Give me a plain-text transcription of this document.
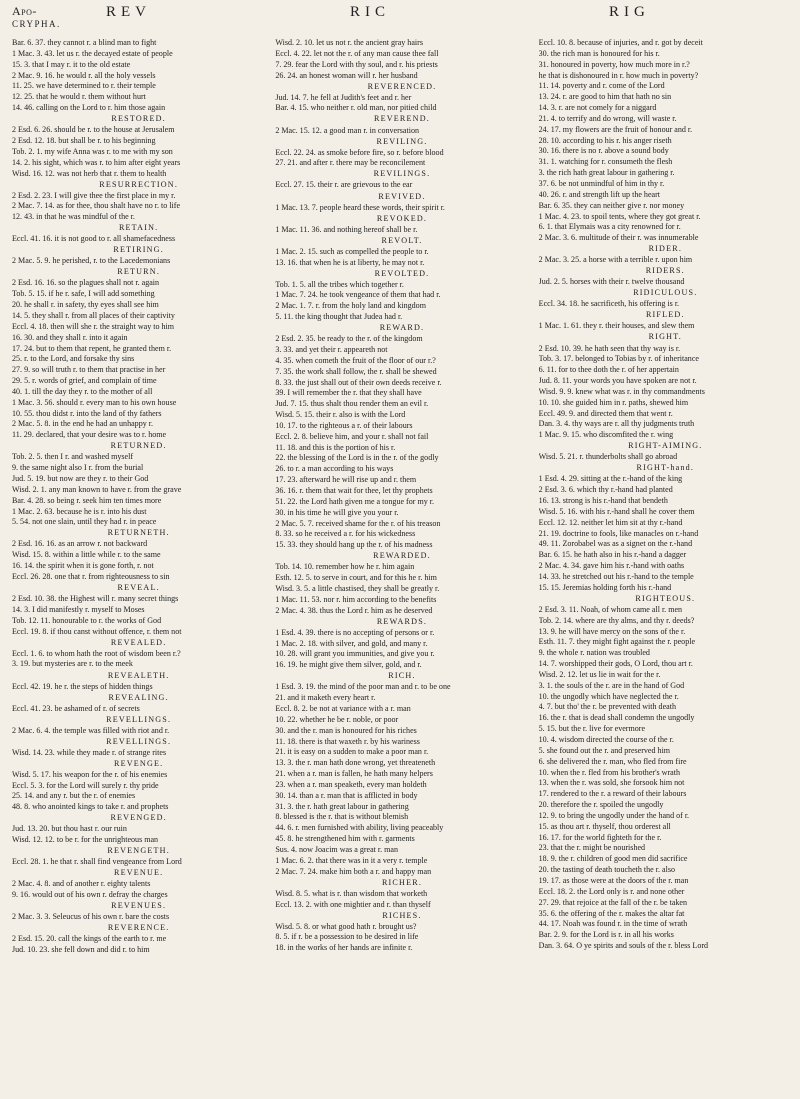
Apo-
CRYPHA.
REV	RIC	RIG

Bar. 6. 37. they cannot r. a blind man to fight

1 Mac. 3. 43. let us r. the decayed estate of people

15. 3. that I may r. it to the old estate

2 Mac. 9. 16. he would r. all the holy vessels

11. 25. we have determined to r. their temple

12. 25. that he would r. them without hurt

14. 46. calling on the Lord to r. him those again

RESTORED.

2 Esd. 6. 26. should be r. to the house at Jerusalem

2 Esd. 12. 18. but shall be r. to his beginning

Tob. 2. 1. my wife Anna was r. to me with my son

14. 2. his sight, which was r. to him after eight years

Wisd. 16. 12. was not herb that r. them to health

RESURRECTION.

2 Esd. 2. 23. I will give thee the first place in my r.

2 Mac. 7. 14. as for thee, thou shalt have no r. to life

12. 43. in that he was mindful of the r.

RETAIN.

Eccl. 41. 16. it is not good to r. all shamefacedness

RETIRING.

2 Mac. 5. 9. he perished, r. to the Lacedemonians

RETURN.

2 Esd. 16. 16. so the plagues shall not r. again

Tob. 5. 15. if he r. safe, I will add something

20. he shall r. in safety, thy eyes shall see him

14. 5. they shall r. from all places of their captivity

Eccl. 4. 18. then will she r. the straight way to him

16. 30. and they shall r. into it again

17. 24. but to them that repent, he granted them r.

25. r. to the Lord, and forsake thy sins

27. 9. so will truth r. to them that practise in her

29. 5. r. words of grief, and complain of time

40. 1. till the day they r. to the mother of all

1 Mac. 3. 56. should r. every man to his own house

10. 55. thou didst r. into the land of thy fathers

2 Mac. 5. 8. in the end he had an unhappy r.

11. 29. declared, that your desire was to r. home

RETURNED.

Tob. 2. 5. then I r. and washed myself

9. the same night also I r. from the burial

Jud. 5. 19. but now are they r. to their God

Wisd. 2. 1. any man known to have r. from the grave

Bar. 4. 28. so being r. seek him ten times more

1 Mac. 2. 63. because he is r. into his dust

5. 54. not one slain, until they had r. in peace

RETURNETH.

2 Esd. 16. 16. as an arrow r. not backward

Wisd. 15. 8. within a little while r. to the same

16. 14. the spirit when it is gone forth, r. not

Eccl. 26. 28. one that r. from righteousness to sin

REVEAL.

2 Esd. 10. 38. the Highest will r. many secret things

14. 3. I did manifestly r. myself to Moses

Tob. 12. 11. honourable to r. the works of God

Eccl. 19. 8. if thou canst without offence, r. them not

REVEALED.

Eccl. 1. 6. to whom hath the root of wisdom been r.?

3. 19. but mysteries are r. to the meek

REVEALETH.

Eccl. 42. 19. he r. the steps of hidden things

REVEALING.

Eccl. 41. 23. be ashamed of r. of secrets

REVELLINGS.

2 Mac. 6. 4. the temple was filled with riot and r.

REVELLINGS.

Wisd. 14. 23. while they made r. of strange rites

REVENGE.

Wisd. 5. 17. his weapon for the r. of his enemies

Eccl. 5. 3. for the Lord will surely r. thy pride

25. 14. and any r. but the r. of enemies

48. 8. who anointed kings to take r. and prophets

REVENGED.

Jud. 13. 20. but thou hast r. our ruin

Wisd. 12. 12. to be r. for the unrighteous man

REVENGETH.

Eccl. 28. 1. he that r. shall find vengeance from Lord

REVENUE.

2 Mac. 4. 8. and of another r. eighty talents

9. 16. would out of his own r. defray the charges

REVENUES.

2 Mac. 3. 3. Seleucus of his own r. bare the costs

REVERENCE.

2 Esd. 15. 20. call the kings of the earth to r. me

Jud. 10. 23. she fell down and did r. to him

Wisd. 2. 10. let us not r. the ancient gray hairs

Eccl. 4. 22. let not the r. of any man cause thee fall

7. 29. fear the Lord with thy soul, and r. his priests

26. 24. an honest woman will r. her husband

REVERENCED.

Jud. 14. 7. he fell at Judith's feet and r. her

Bar. 4. 15. who neither r. old man, nor pitied child

REVEREND.

2 Mac. 15. 12. a good man r. in conversation

REVILING.

Eccl. 22. 24. as smoke before fire, so r. before blood

27. 21. and after r. there may be reconcilement

REVILINGS.

Eccl. 27. 15. their r. are grievous to the ear

REVIVED.

1 Mac. 13. 7. people heard these words, their spirit r.

REVOKED.

1 Mac. 11. 36. and nothing hereof shall be r.

REVOLT.

1 Mac. 2. 15. such as compelled the people to r.

13. 16. that when he is at liberty, he may not r.

REVOLTED.

Tob. 1. 5. all the tribes which together r.

1 Mac. 7. 24. he took vengeance of them that had r.

2 Mac. 1. 7. r. from the holy land and kingdom

5. 11. the king thought that Judea had r.

REWARD.

2 Esd. 2. 35. be ready to the r. of the kingdom

3. 33. and yet their r. appeareth not

4. 35. when cometh the fruit of the floor of our r.?

7. 35. the work shall follow, the r. shall be shewed

8. 33. the just shall out of their own deeds receive r.

39. I will remember the r. that they shall have

Jud. 7. 15. thus shalt thou render them an evil r.

Wisd. 5. 15. their r. also is with the Lord

10. 17. to the righteous a r. of their labours

Eccl. 2. 8. believe him, and your r. shall not fail

11. 18. and this is the portion of his r.

22. the blessing of the Lord is in the r. of the godly

26. to r. a man according to his ways

17. 23. afterward he will rise up and r. them

36. 16. r. them that wait for thee, let thy prophets

51. 22. the Lord hath given me a tongue for my r.

30. in his time he will give you your r.

2 Mac. 5. 7. received shame for the r. of his treason

8. 33. so he received a r. for his wickedness

15. 33. they should hang up the r. of his madness

REWARDED.

Tob. 14. 10. remember how he r. him again

Esth. 12. 5. to serve in court, and for this he r. him

Wisd. 3. 5. a little chastised, they shall be greatly r.

1 Mac. 11. 53. nor r. him according to the benefits

2 Mac. 4. 38. thus the Lord r. him as he deserved

REWARDS.

1 Esd. 4. 39. there is no accepting of persons or r.

1 Mac. 2. 18. with silver, and gold, and many r.

10. 28. will grant you immunities, and give you r.

16. 19. he might give them silver, gold, and r.

RICH.

1 Esd. 3. 19. the mind of the poor man and r. to be one

21. and it maketh every heart r.

Eccl. 8. 2. be not at variance with a r. man

10. 22. whether he be r. noble, or poor

30. and the r. man is honoured for his riches

11. 18. there is that waxeth r. by his wariness

21. it is easy on a sudden to make a poor man r.

13. 3. the r. man hath done wrong, yet threateneth

21. when a r. man is fallen, he hath many helpers

23. when a r. man speaketh, every man holdeth

30. 14. than a r. man that is afflicted in body

31. 3. the r. hath great labour in gathering

8. blessed is the r. that is without blemish

44. 6. r. men furnished with ability, living peaceably

45. 8. he strengthened him with r. garments

Sus. 4. now Joacim was a great r. man

1 Mac. 6. 2. that there was in it a very r. temple

2 Mac. 7. 24. make him both a r. and happy man

RICHER.

Wisd. 8. 5. what is r. than wisdom that worketh

Eccl. 13. 2. with one mightier and r. than thyself

RICHES.

Wisd. 5. 8. or what good hath r. brought us?

8. 5. if r. be a possession to be desired in life

18. in the works of her hands are infinite r.

Eccl. 10. 8. because of injuries, and r. got by deceit

30. the rich man is honoured for his r.

31. honoured in poverty, how much more in r.?

he that is dishonoured in r. how much in poverty?

11. 14. poverty and r. come of the Lord

13. 24. r. are good to him that hath no sin

14. 3. r. are not comely for a niggard

21. 4. to terrify and do wrong, will waste r.

24. 17. my flowers are the fruit of honour and r.

28. 10. according to his r. his anger riseth

30. 16. there is no r. above a sound body

31. 1. watching for r. consumeth the flesh

3. the rich hath great labour in gathering r.

37. 6. be not unmindful of him in thy r.

40. 26. r. and strength lift up the heart

Bar. 6. 35. they can neither give r. nor money

1 Mac. 4. 23. to spoil tents, where they got great r.

6. 1. that Elymais was a city renowned for r.

2 Mac. 3. 6. multitude of their r. was innumerable

RIDER.

2 Mac. 3. 25. a horse with a terrible r. upon him

RIDERS.

Jud. 2. 5. horses with their r. twelve thousand

RIDICULOUS.

Eccl. 34. 18. he sacrificeth, his offering is r.

RIFLED.

1 Mac. 1. 61. they r. their houses, and slew them

RIGHT.

2 Esd. 10. 39. he hath seen that thy way is r.

Tob. 3. 17. belonged to Tobias by r. of inheritance

6. 11. for to thee doth the r. of her appertain

Jud. 8. 11. your words you have spoken are not r.

Wisd. 9. 9. knew what was r. in thy commandments

10. 10. she guided him in r. paths, shewed him

Eccl. 49. 9. and directed them that went r.

Dan. 3. 4. thy ways are r. all thy judgments truth

1 Mac. 9. 15. who discomfited the r. wing

RIGHT-AIMING.

Wisd. 5. 21. r. thunderbolts shall go abroad

RIGHT-hand.

1 Esd. 4. 29. sitting at the r.-hand of the king

2 Esd. 3. 6. which thy r.-hand had planted

16. 13. strong is his r.-hand that bendeth

Wisd. 5. 16. with his r.-hand shall he cover them

Eccl. 12. 12. neither let him sit at thy r.-hand

21. 19. doctrine to fools, like manacles on r.-hand

49. 11. Zorobabel was as a signet on the r.-hand

Bar. 6. 15. he hath also in his r.-hand a dagger

2 Mac. 4. 34. gave him his r.-hand with oaths

14. 33. he stretched out his r.-hand to the temple

15. 15. Jeremias holding forth his r.-hand

RIGHTEOUS.

2 Esd. 3. 11. Noah, of whom came all r. men

Tob. 2. 14. where are thy alms, and thy r. deeds?

13. 9. he will have mercy on the sons of the r.

Esth. 11. 7. they might fight against the r. people

9. the whole r. nation was troubled

14. 7. worshipped their gods, O Lord, thou art r.

Wisd. 2. 12. let us lie in wait for the r.

3. 1. the souls of the r. are in the hand of God

10. the ungodly which have neglected the r.

4. 7. but tho' the r. be prevented with death

16. the r. that is dead shall condemn the ungodly

5. 15. but the r. live for evermore

10. 4. wisdom directed the course of the r.

5. she found out the r. and preserved him

6. she delivered the r. man, who fled from fire

10. when the r. fled from his brother's wrath

13. when the r. was sold, she forsook him not

17. rendered to the r. a reward of their labours

20. therefore the r. spoiled the ungodly

12. 9. to bring the ungodly under the hand of r.

15. as thou art r. thyself, thou orderest all

16. 17. for the world fighteth for the r.

23. that the r. might be nourished

18. 9. the r. children of good men did sacrifice

20. the tasting of death toucheth the r. also

19. 17. as those were at the doors of the r. man

Eccl. 18. 2. the Lord only is r. and none other

27. 29. that rejoice at the fall of the r. be taken

35. 6. the offering of the r. makes the altar fat

44. 17. Noah was found r. in the time of wrath

Bar. 2. 9. for the Lord is r. in all his works

Dan. 3. 64. O ye spirits and souls of the r. bless Lord
